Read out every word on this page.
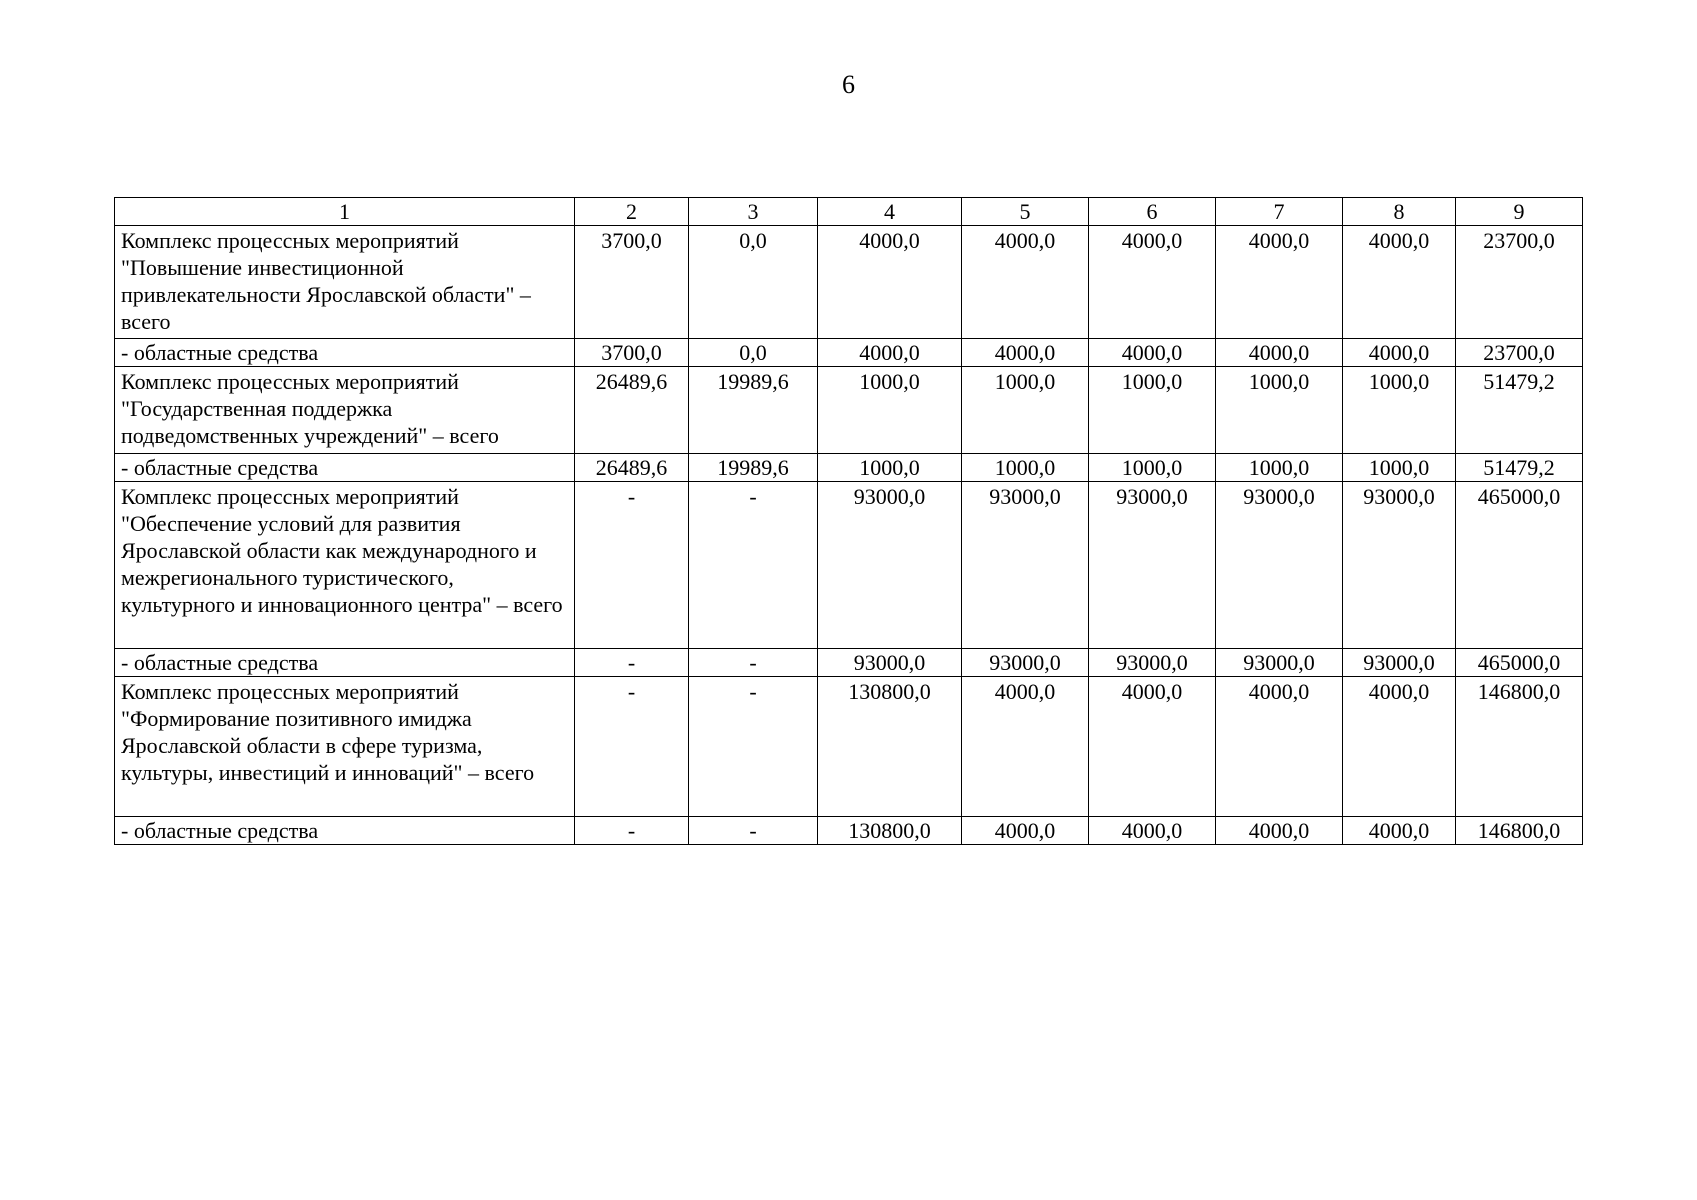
6
1	2	3	4	5	6	7	8	9
Комплекс процессных мероприятий "Повышение инвестиционной привлекательности Ярославской области" – всего	3700,0	0,0	4000,0	4000,0	4000,0	4000,0	4000,0	23700,0
- областные средства	3700,0	0,0	4000,0	4000,0	4000,0	4000,0	4000,0	23700,0
Комплекс процессных мероприятий "Государственная поддержка подведомственных учреждений" – всего	26489,6	19989,6	1000,0	1000,0	1000,0	1000,0	1000,0	51479,2
- областные средства	26489,6	19989,6	1000,0	1000,0	1000,0	1000,0	1000,0	51479,2
Комплекс процессных мероприятий "Обеспечение условий для развития Ярославской области как международного и межрегионального туристического, культурного и инновационного центра" – всего	-	-	93000,0	93000,0	93000,0	93000,0	93000,0	465000,0
- областные средства	-	-	93000,0	93000,0	93000,0	93000,0	93000,0	465000,0
Комплекс процессных мероприятий "Формирование позитивного имиджа Ярославской области в сфере туризма, культуры, инвестиций и инноваций" – всего	-	-	130800,0	4000,0	4000,0	4000,0	4000,0	146800,0
- областные средства	-	-	130800,0	4000,0	4000,0	4000,0	4000,0	146800,0
